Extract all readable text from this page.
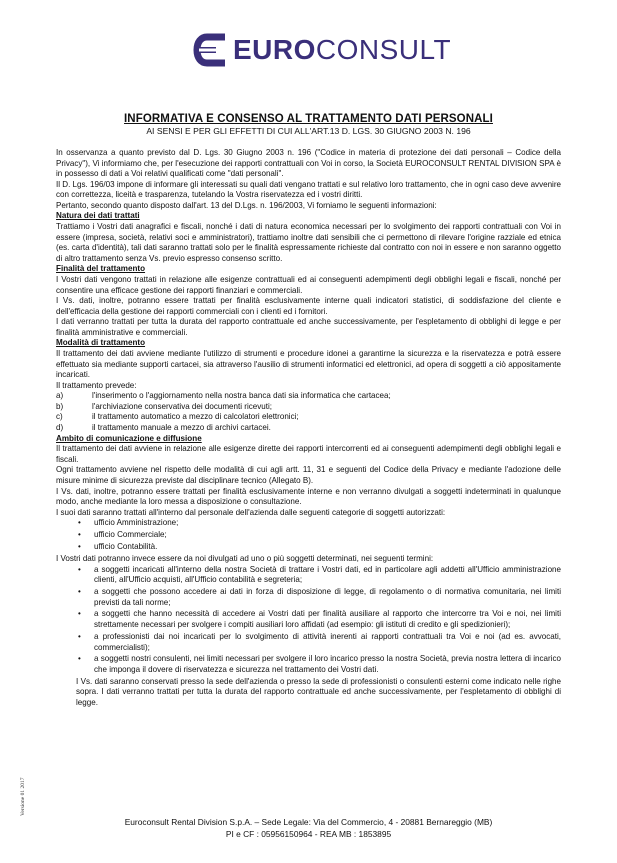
EUROCONSULT
INFORMATIVA E CONSENSO AL TRATTAMENTO DATI PERSONALI
AI SENSI E PER GLI EFFETTI DI CUI ALL'ART.13 D. LGS. 30 GIUGNO 2003 N. 196

In osservanza a quanto previsto dal D. Lgs. 30 Giugno 2003 n. 196 ("Codice in materia di protezione dei dati personali – Codice della Privacy"), Vi informiamo che, per l'esecuzione dei rapporti contrattuali con Voi in corso, la Società EUROCONSULT RENTAL DIVISION SPA è in possesso di dati a Voi relativi qualificati come "dati personali".

Il D. Lgs. 196/03 impone di informare gli interessati su quali dati vengano trattati e sul relativo loro trattamento, che in ogni caso deve avvenire con correttezza, liceità e trasparenza, tutelando la Vostra riservatezza ed i vostri diritti.

Pertanto, secondo quanto disposto dall'art. 13 del D.Lgs. n. 196/2003, Vi forniamo le seguenti informazioni:

Natura dei dati trattati

Trattiamo i Vostri dati anagrafici e fiscali, nonché i dati di natura economica necessari per lo svolgimento dei rapporti contrattuali con Voi in essere (impresa, società, relativi soci e amministratori), trattiamo inoltre dati sensibili che ci permettono di rilevare l'origine razziale ed etnica (es. carta d'identità), tali dati saranno trattati solo per le finalità espressamente richieste dal contratto con noi in essere e non saranno oggetto di altro trattamento senza Vs. previo espresso consenso scritto.

Finalità del trattamento

I Vostri dati vengono trattati in relazione alle esigenze contrattuali ed ai conseguenti adempimenti degli obblighi legali e fiscali, nonché per consentire una efficace gestione dei rapporti finanziari e commerciali.

I Vs. dati, inoltre, potranno essere trattati per finalità esclusivamente interne quali indicatori statistici, di soddisfazione del cliente e dell'efficacia della gestione dei rapporti commerciali con i clienti ed i fornitori.

I dati verranno trattati per tutta la durata del rapporto contrattuale ed anche successivamente, per l'espletamento di obblighi di legge e per finalità amministrative e commerciali.

Modalità di trattamento

Il trattamento dei dati avviene mediante l'utilizzo di strumenti e procedure idonei a garantirne la sicurezza e la riservatezza e potrà essere effettuato sia mediante supporti cartacei, sia attraverso l'ausilio di strumenti informatici ed elettronici, ad opera di soggetti a ciò appositamente incaricati.

Il trattamento prevede:

a)	l'inserimento o l'aggiornamento nella nostra banca dati sia informatica che cartacea;
b)	l'archiviazione conservativa dei documenti ricevuti;
c)	il trattamento automatico a mezzo di calcolatori elettronici;
d)	il trattamento manuale a mezzo di archivi cartacei.
Ambito di comunicazione e diffusione

Il trattamento dei dati avviene in relazione alle esigenze dirette dei rapporti intercorrenti ed ai conseguenti adempimenti degli obblighi legali e fiscali.

Ogni trattamento avviene nel rispetto delle modalità di cui agli artt. 11, 31 e seguenti del Codice della Privacy e mediante l'adozione delle misure minime di sicurezza previste dal disciplinare tecnico (Allegato B).

I Vs. dati, inoltre, potranno essere trattati per finalità esclusivamente interne e non verranno divulgati a soggetti indeterminati in qualunque modo, anche mediante la loro messa a disposizione o consultazione.

I suoi dati saranno trattati all'interno dal personale dell'azienda dalle seguenti categorie di soggetti autorizzati:

•	ufficio Amministrazione;
•	ufficio Commerciale;
•	ufficio Contabilità.

I Vostri dati potranno invece essere da noi divulgati ad uno o più soggetti determinati, nei seguenti termini:

•	a soggetti incaricati all'interno della nostra Società di trattare i Vostri dati, ed in particolare agli addetti all'Ufficio amministrazione clienti, all'Ufficio acquisti, all'Ufficio contabilità e segreteria;
•	a soggetti che possono accedere ai dati in forza di disposizione di legge, di regolamento o di normativa comunitaria, nei limiti previsti da tali norme;
•	a soggetti che hanno necessità di accedere ai Vostri dati per finalità ausiliare al rapporto che intercorre tra Voi e noi, nei limiti strettamente necessari per svolgere i compiti ausiliari loro affidati (ad esempio: gli istituti di credito e gli spedizionieri);
•	a professionisti dai noi incaricati per lo svolgimento di attività inerenti ai rapporti contrattuali tra Voi e noi (ad es. avvocati, commercialisti);
•	a soggetti nostri consulenti, nei limiti necessari per svolgere il loro incarico presso la nostra Società, previa nostra lettera di incarico che imponga il dovere di riservatezza e sicurezza nel trattamento dei Vostri dati.

I Vs. dati saranno conservati presso la sede dell'azienda o presso la sede di professionisti o consulenti esterni come indicato nelle righe sopra. I dati verranno trattati per tutta la durata del rapporto contrattuale ed anche successivamente, per l'espletamento di obblighi di legge.

Versione 01 2017
Euroconsult Rental Division S.p.A. – Sede Legale: Via del Commercio, 4 - 20881 Bernareggio (MB)
PI e CF : 05956150964 - REA MB : 1853895
